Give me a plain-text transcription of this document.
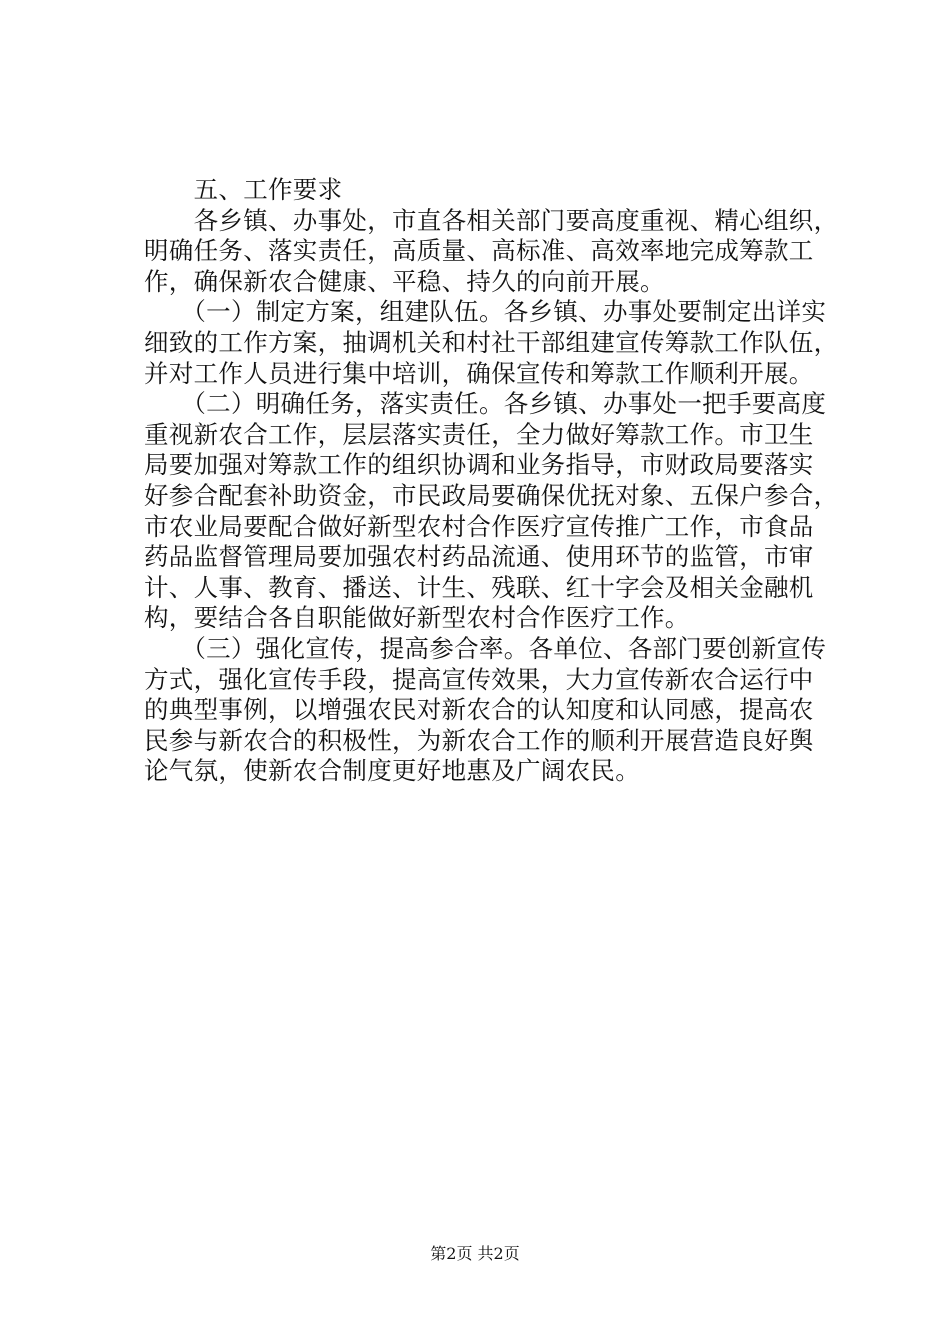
　　五、工作要求
　　各乡镇、办事处，市直各相关部门要高度重视、精心组织，
明确任务、落实责任，高质量、高标准、高效率地完成筹款工
作，确保新农合健康、平稳、持久的向前开展。
　　（一）制定方案，组建队伍。各乡镇、办事处要制定出详实
细致的工作方案，抽调机关和村社干部组建宣传筹款工作队伍，
并对工作人员进行集中培训，确保宣传和筹款工作顺利开展。
　　（二）明确任务，落实责任。各乡镇、办事处一把手要高度
重视新农合工作，层层落实责任，全力做好筹款工作。市卫生
局要加强对筹款工作的组织协调和业务指导，市财政局要落实
好参合配套补助资金，市民政局要确保优抚对象、五保户参合，
市农业局要配合做好新型农村合作医疗宣传推广工作，市食品
药品监督管理局要加强农村药品流通、使用环节的监管，市审
计、人事、教育、播送、计生、残联、红十字会及相关金融机
构，要结合各自职能做好新型农村合作医疗工作。
　　（三）强化宣传，提高参合率。各单位、各部门要创新宣传
方式，强化宣传手段，提高宣传效果，大力宣传新农合运行中
的典型事例，以增强农民对新农合的认知度和认同感，提高农
民参与新农合的积极性，为新农合工作的顺利开展营造良好舆
论气氛，使新农合制度更好地惠及广阔农民。
第2页 共2页
